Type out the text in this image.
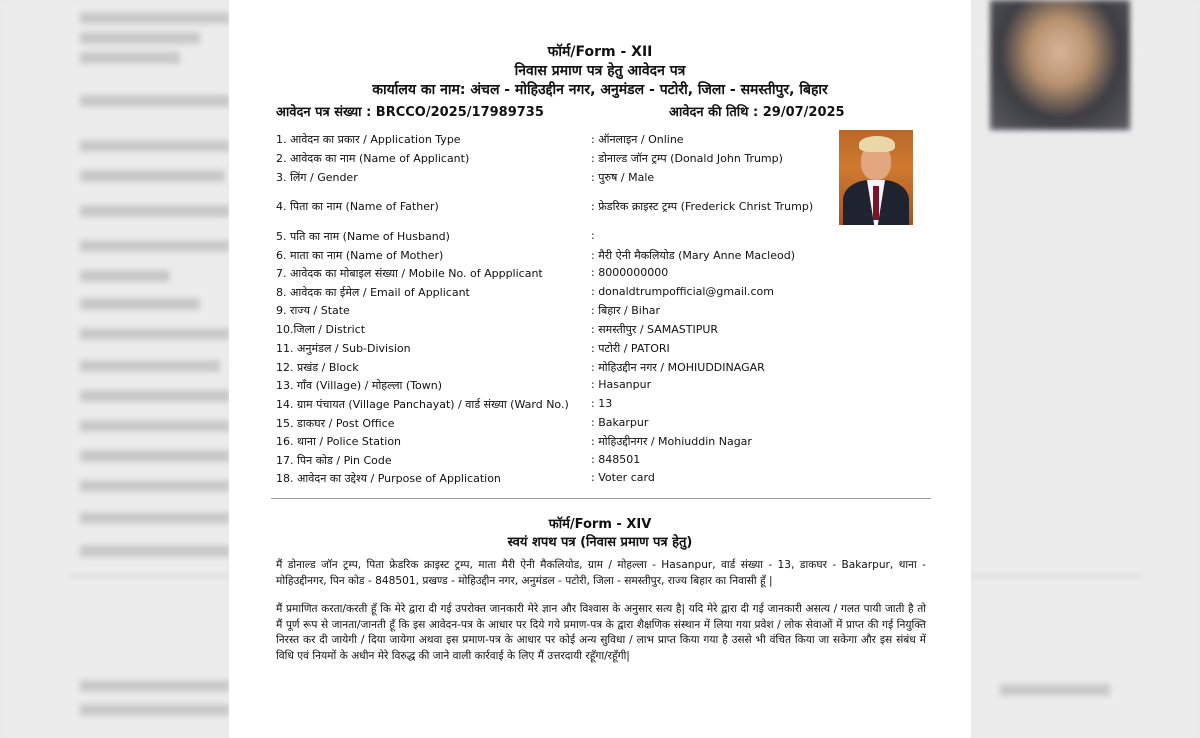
फॉर्म/Form - XII
निवास प्रमाण पत्र हेतु आवेदन पत्र
कार्यालय का नाम: अंचल - मोहिउद्दीन नगर, अनुमंडल - पटोरी, जिला - समस्तीपुर, बिहार
आवेदन पत्र संख्या : BRCCO/2025/17989735	आवेदन की तिथि : 29/07/2025
1. आवेदन का प्रकार / Application Type	: ऑनलाइन / Online
2. आवेदक का नाम (Name of Applicant)	: डोनाल्ड जॉन ट्रम्प (Donald John Trump)
3. लिंग / Gender	: पुरुष / Male
4. पिता का नाम (Name of Father)	: फ्रेडरिक क्राइस्ट ट्रम्प (Frederick Christ Trump)
5. पति का नाम (Name of Husband)	:
6. माता का नाम (Name of Mother)	: मैरी ऐनी मैकलियोड (Mary Anne Macleod)
7. आवेदक का मोबाइल संख्या / Mobile No. of Appplicant	: 8000000000
8. आवेदक का ईमेल / Email of Applicant	: donaldtrumpofficial@gmail.com
9. राज्य / State	: बिहार / Bihar
10.जिला / District	: समस्तीपुर / SAMASTIPUR
11. अनुमंडल / Sub-Division	: पटोरी / PATORI
12. प्रखंड / Block	: मोहिउद्दीन नगर / MOHIUDDINAGAR
13. गाँव (Village) / मोहल्ला (Town)	: Hasanpur
14. ग्राम पंचायत (Village Panchayat) / वार्ड संख्या (Ward No.) : 13
15. डाकघर / Post Office	: Bakarpur
16. थाना / Police Station	: मोहिउद्दीनगर / Mohiuddin Nagar
17. पिन कोड / Pin Code	: 848501
18. आवेदन का उद्देश्य / Purpose of Application	: Voter card
फॉर्म/Form - XIV
स्वयं शपथ पत्र (निवास प्रमाण पत्र हेतु)
मैं डोनाल्ड जॉन ट्रम्प, पिता फ्रेडरिक क्राइस्ट ट्रम्प, माता मैरी ऐनी मैकलियोड, ग्राम / मोहल्ला - Hasanpur, वार्ड संख्या - 13, डाकघर - Bakarpur, थाना - मोहिउद्दीनगर, पिन कोड - 848501, प्रखण्ड - मोहिउद्दीन नगर, अनुमंडल - पटोरी, जिला - समस्तीपुर, राज्य बिहार का निवासी हूँ |
मैं प्रमाणित करता/करती हूँ कि मेरे द्वारा दी गई उपरोक्त जानकारी मेरे ज्ञान और विश्वास के अनुसार सत्य है| यदि मेरे द्वारा दी गई जानकारी असत्य / गलत पायी जाती है तो मैं पूर्ण रूप से जानता/जानती हूँ कि इस आवेदन-पत्र के आधार पर दिये गये प्रमाण-पत्र के द्वारा शैक्षणिक संस्थान में लिया गया प्रवेश / लोक सेवाओं में प्राप्त की गई नियुक्ति निरस्त कर दी जायेगी / दिया जायेगा अथवा इस प्रमाण-पत्र के आधार पर कोई अन्य सुविधा / लाभ प्राप्त किया गया है उससे भी वंचित किया जा सकेगा और इस संबंध में विधि एवं नियमों के अधीन मेरे विरुद्ध की जाने वाली कार्रवाई के लिए मैं उत्तरदायी रहूँगा/रहूँगी|
